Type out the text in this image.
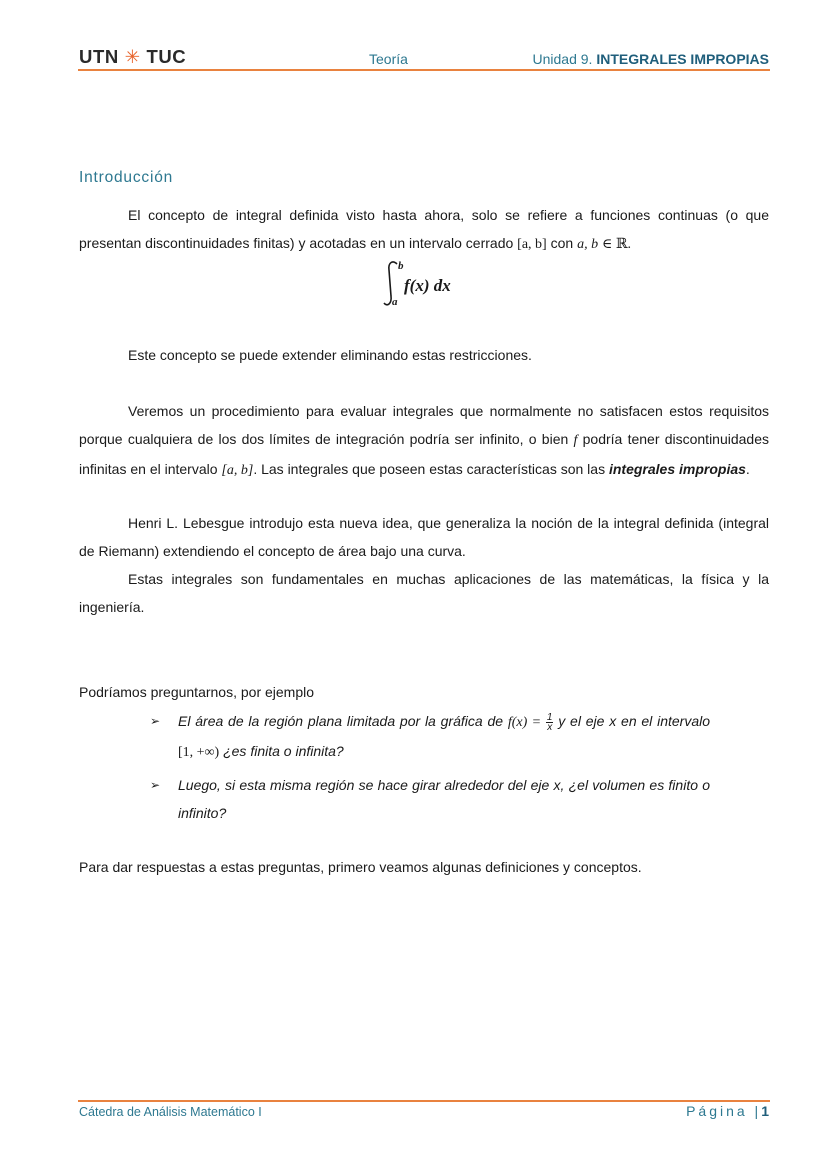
UTN ✳ TUC	Teoría	Unidad 9. INTEGRALES IMPROPIAS
Introducción

El concepto de integral definida visto hasta ahora, solo se refiere a funciones continuas (o que presentan discontinuidades finitas) y acotadas en un intervalo cerrado [a, b] con a, b ∈ ℝ.

b
a
f(x) dx

Este concepto se puede extender eliminando estas restricciones.

Veremos un procedimiento para evaluar integrales que normalmente no satisfacen estos requisitos porque cualquiera de los dos límites de integración podría ser infinito, o bien f podría tener discontinuidades infinitas en el intervalo [a, b]. Las integrales que poseen estas características son las integrales impropias.

Henri L. Lebesgue introdujo esta nueva idea, que generaliza la noción de la integral definida (integral de Riemann) extendiendo el concepto de área bajo una curva.

Estas integrales son fundamentales en muchas aplicaciones de las matemáticas, la física y la ingeniería.

Podríamos preguntarnos, por ejemplo

➢ El área de la región plana limitada por la gráfica de $f(x) = \frac{1}{x}$ y el eje x en el intervalo [1, +∞) ¿es finita o infinita?
➢ Luego, si esta misma región se hace girar alrededor del eje x, ¿el volumen es finito o infinito?

Para dar respuestas a estas preguntas, primero veamos algunas definiciones y conceptos.

Cátedra de Análisis Matemático I	Página |1
